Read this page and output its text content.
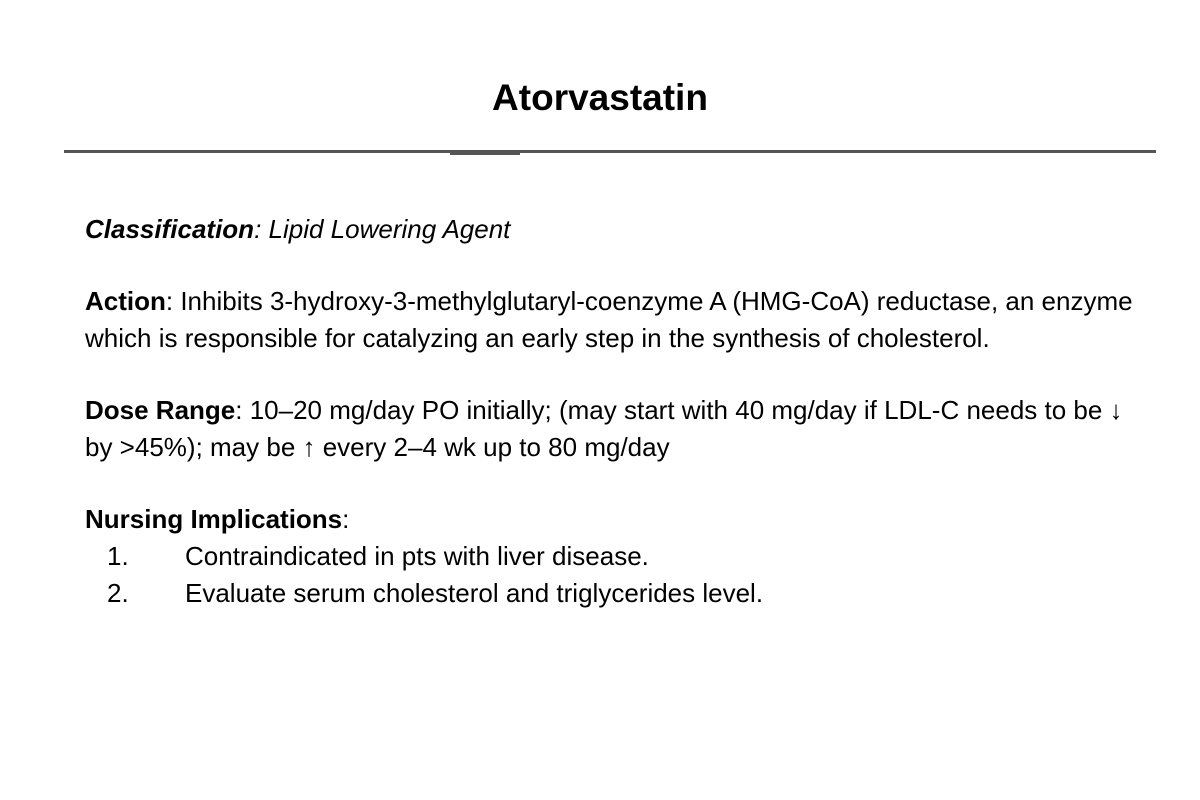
Atorvastatin

Classification: Lipid Lowering Agent

Action: Inhibits 3-hydroxy-3-methylglutaryl-coenzyme A (HMG-CoA) reductase, an enzyme which is responsible for catalyzing an early step in the synthesis of cholesterol.

Dose Range: 10–20 mg/day PO initially; (may start with 40 mg/day if LDL-C needs to be ↓ by >45%); may be ↑ every 2–4 wk up to 80 mg/day

Nursing Implications:
1.	Contraindicated in pts with liver disease.
2.	Evaluate serum cholesterol and triglycerides level.
